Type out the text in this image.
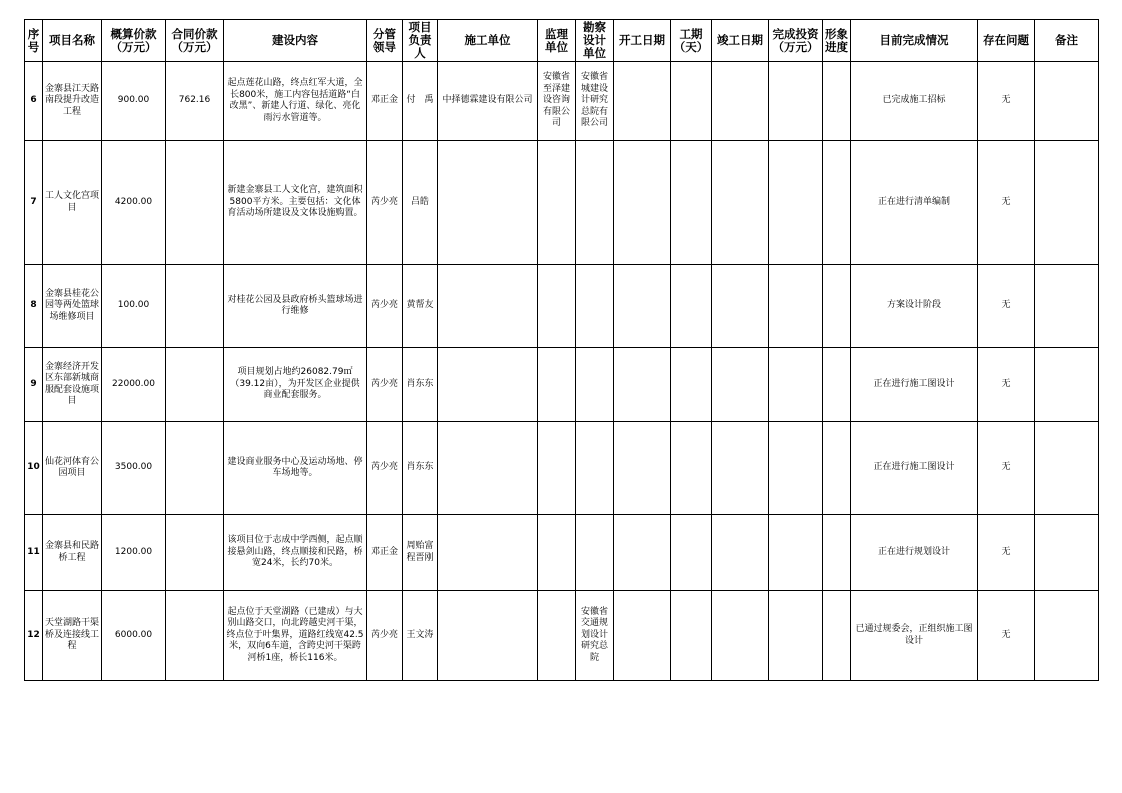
序号	项目名称	概算价款（万元）	合同价款（万元）	建设内容	分管领导	项目负责人	施工单位	监理单位	勘察设计单位	开工日期	工期（天）	竣工日期	完成投资（万元）	形象进度	目前完成情况	存在问题	备注
6	金寨县江天路南段提升改造工程	900.00	762.16	起点莲花山路，终点红军大道，全长800米，施工内容包括道路“白改黑”、新建人行道、绿化、亮化雨污水管道等。	邓正金	付　禹	中择德霖建设有限公司	安徽省至泽建设咨询有限公司	安徽省城建设计研究总院有限公司						已完成施工招标	无	
7	工人文化宫项目	4200.00		新建金寨县工人文化宫，建筑面积5800平方米。主要包括：文化体育活动场所建设及文体设施购置。	芮少亮	吕皓									正在进行清单编制	无	
8	金寨县桂花公园等两处篮球场维修项目	100.00		对桂花公园及县政府桥头篮球场进行维修	芮少亮	黄帮友									方案设计阶段	无	
9	金寨经济开发区东部新城商服配套设施项目	22000.00		项目规划占地约26082.79㎡（39.12亩），为开发区企业提供商业配套服务。	芮少亮	肖东东									正在进行施工图设计	无	
10	仙花河体育公园项目	3500.00		建设商业服务中心及运动场地、停车场地等。	芮少亮	肖东东									正在进行施工图设计	无	
11	金寨县和民路桥工程	1200.00		该项目位于志成中学西侧，起点顺接悬剑山路，终点顺接和民路，桥宽24米，长约70米。	邓正金	周贻富程晋刚									正在进行规划设计	无	
12	天堂湖路干渠桥及连接线工程	6000.00		起点位于天堂湖路（已建成）与大别山路交口，向北跨越史河干渠，终点位于叶集界，道路红线宽42.5米，双向6车道，含跨史河干渠跨河桥1座，桥长116米。	芮少亮	王文涛			安徽省交通规划设计研究总院						已通过规委会，正组织施工图设计	无	
